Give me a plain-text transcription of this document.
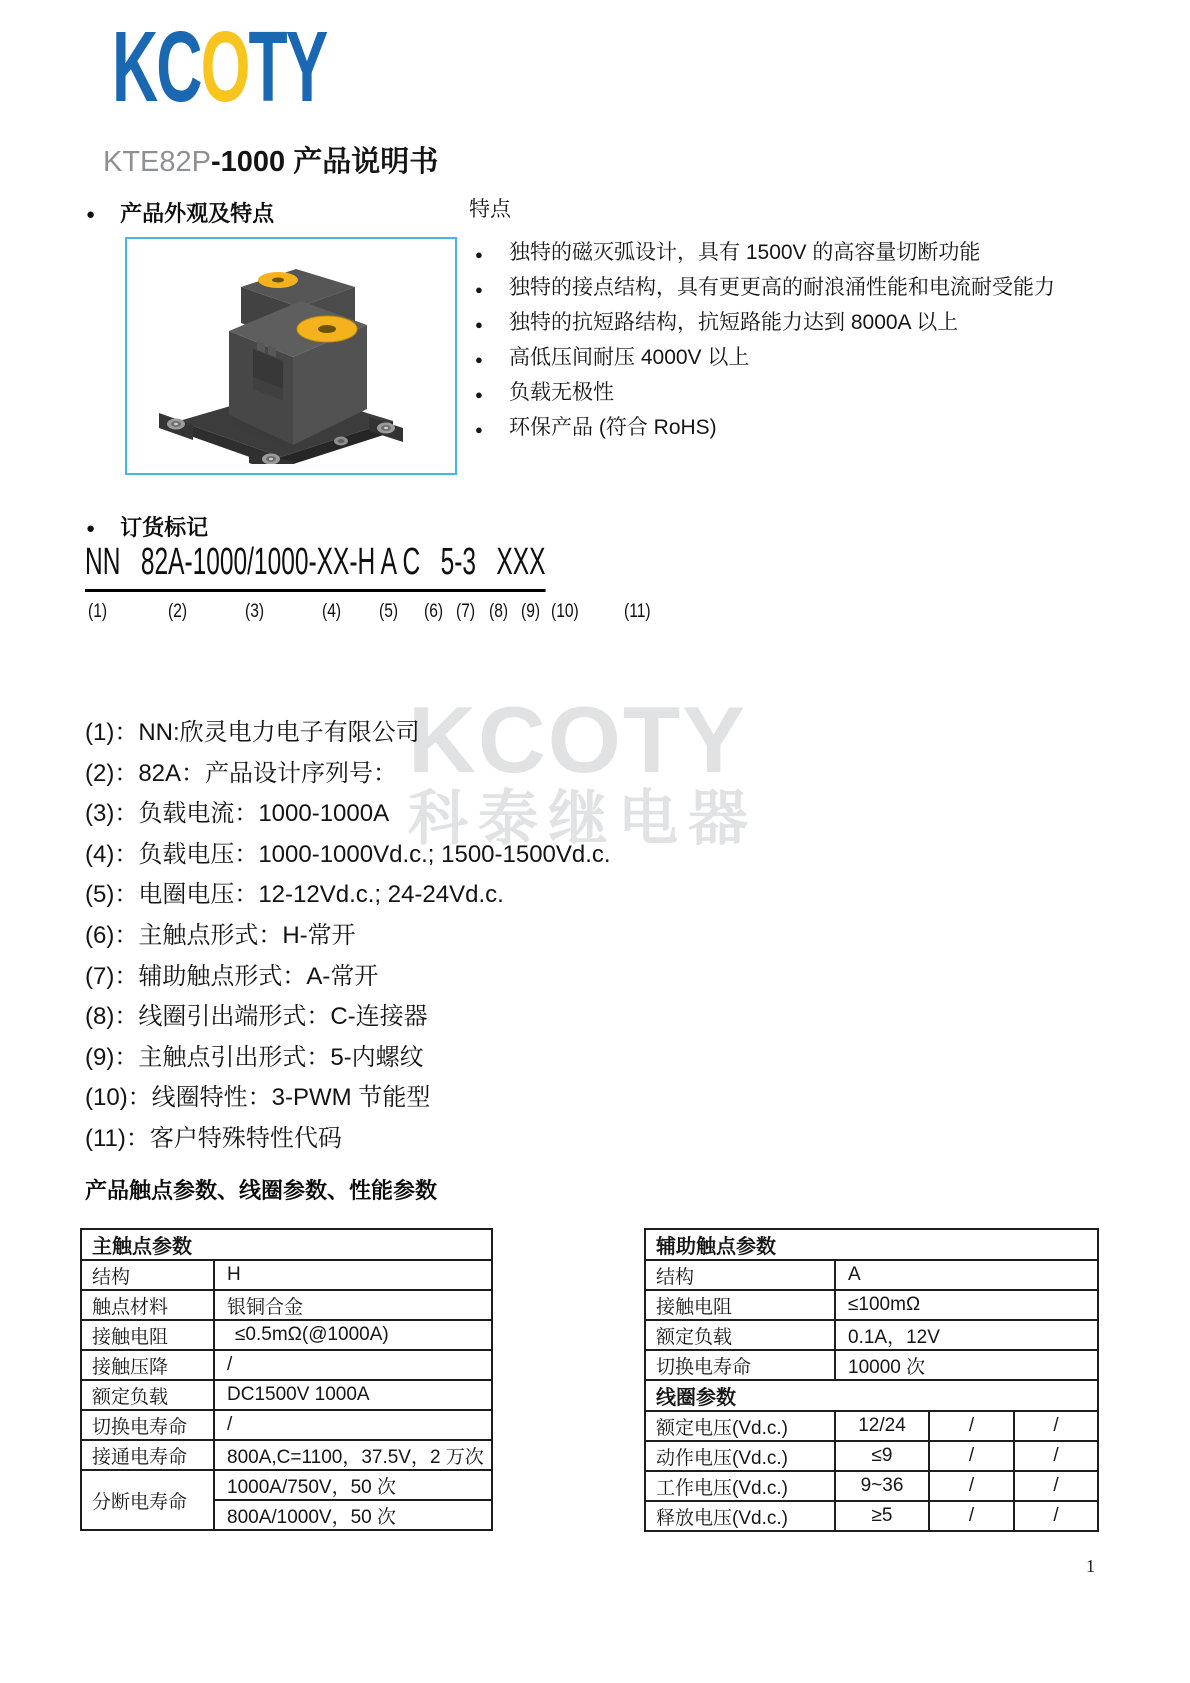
KCOTY
科泰继电器
KCOTY
KTE82P-1000 产品说明书
● 产品外观及特点	特点

●	独特的磁灭弧设计，具有 1500V 的高容量切断功能
●	独特的接点结构，具有更更高的耐浪涌性能和电流耐受能力
●	独特的抗短路结构，抗短路能力达到 8000A 以上
●	高低压间耐压 4000V 以上
●	负载无极性
●	环保产品 (符合 RoHS)
● 订货标记
NN   82A-1000/1000-XX-H A C   5-3   XXX
(1)	(2)	(3)	(4) (5) (6) (7) (8) (9) (10) (11)
(1)：NN:欣灵电力电子有限公司
(2)：82A：产品设计序列号：
(3)：负载电流：1000-1000A
(4)：负载电压：1000-1000Vd.c.; 1500-1500Vd.c.
(5)：电圈电压：12-12Vd.c.; 24-24Vd.c.
(6)：主触点形式：H-常开
(7)：辅助触点形式：A-常开
(8)：线圈引出端形式：C-连接器
(9)：主触点引出形式：5-内螺纹
(10)：线圈特性：3-PWM 节能型
(11)：客户特殊特性代码
产品触点参数、线圈参数、性能参数
主触点参数	
结构	H
触点材料	银铜合金
接触电阻	≤0.5mΩ(@1000A)
接触压降	/
额定负载	DC1500V 1000A
切换电寿命	/
接通电寿命	800A,C=1100，37.5V，2 万次
分断电寿命	1000A/750V，50 次
	800A/1000V，50 次
辅助触点参数			
结构	A		
接触电阻	≤100mΩ		
额定负载	0.1A，12V		
切换电寿命	10000 次		
线圈参数			
额定电压(Vd.c.)	12/24	/	/
动作电压(Vd.c.)	≤9	/	/
工作电压(Vd.c.)	9~36	/	/
释放电压(Vd.c.)	≥5	/	/
1
